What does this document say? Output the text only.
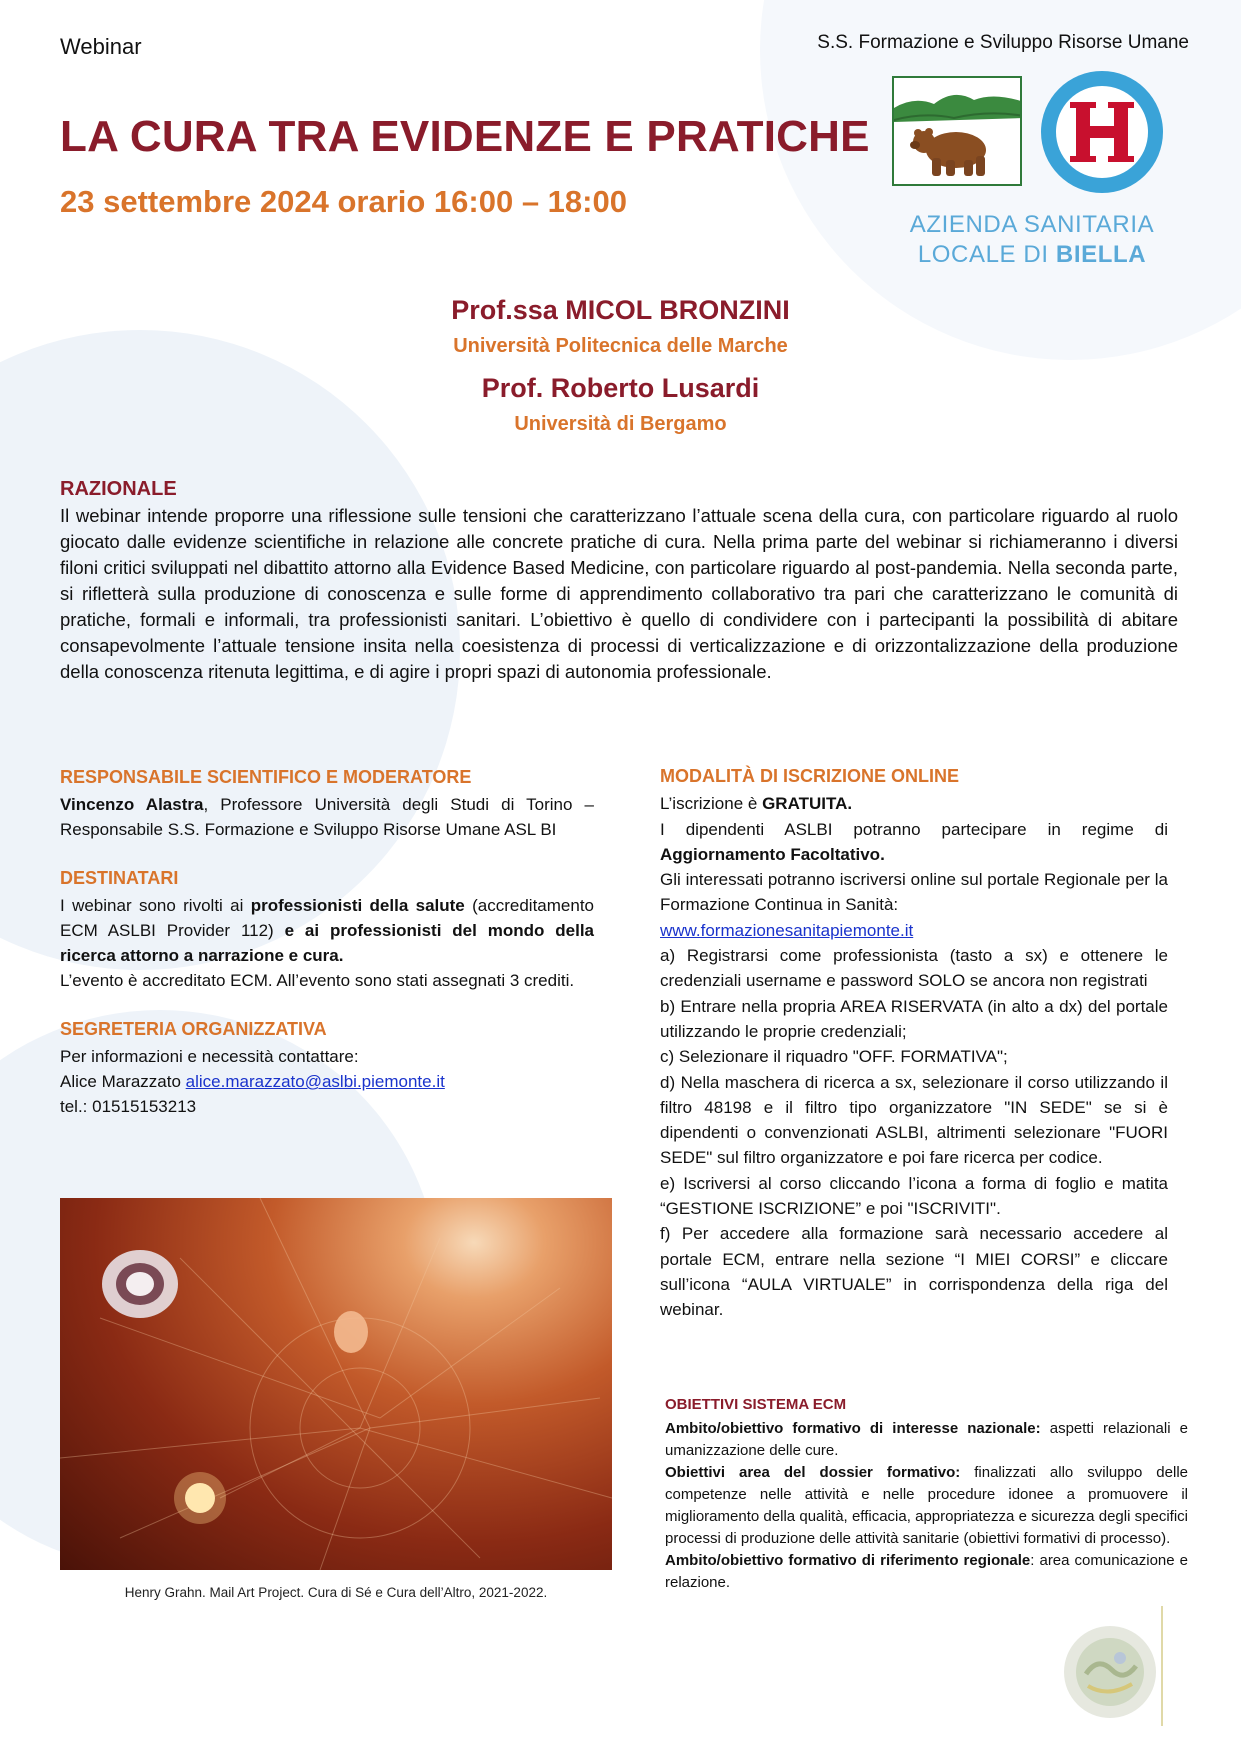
Webinar	S.S. Formazione e Sviluppo Risorse Umane
LA CURA TRA EVIDENZE E PRATICHE
23 settembre 2024 orario 16:00 – 18:00
AZIENDA SANITARIA
LOCALE DI BIELLA
Prof.ssa MICOL BRONZINI
Università Politecnica delle Marche
Prof. Roberto Lusardi
Università di Bergamo
RAZIONALE

Il webinar intende proporre una riflessione sulle tensioni che caratterizzano l’attuale scena della cura, con particolare riguardo al ruolo giocato dalle evidenze scientifiche in relazione alle concrete pratiche di cura. Nella prima parte del webinar si richiameranno i diversi filoni critici sviluppati nel dibattito attorno alla Evidence Based Medicine, con particolare riguardo al post-pandemia. Nella seconda parte, si rifletterà sulla produzione di conoscenza e sulle forme di apprendimento collaborativo tra pari che caratterizzano le comunità di pratiche, formali e informali, tra professionisti sanitari. L’obiettivo è quello di condividere con i partecipanti la possibilità di abitare consapevolmente l’attuale tensione insita nella coesistenza di processi di verticalizzazione e di orizzontalizzazione della produzione della conoscenza ritenuta legittima, e di agire i propri spazi di autonomia professionale.

RESPONSABILE SCIENTIFICO E MODERATORE

Vincenzo Alastra, Professore Università degli Studi di Torino – Responsabile S.S. Formazione e Sviluppo Risorse Umane ASL BI

DESTINATARI

I webinar sono rivolti ai professionisti della salute (accreditamento ECM ASLBI Provider 112) e ai professionisti del mondo della ricerca attorno a narrazione e cura.

L’evento è accreditato ECM. All’evento sono stati assegnati 3 crediti.

SEGRETERIA ORGANIZZATIVA

Per informazioni e necessità contattare:

Alice Marazzato alice.marazzato@aslbi.piemonte.it

tel.: 01515153213

Henry Grahn. Mail Art Project. Cura di Sé e Cura dell’Altro, 2021-2022.
MODALITÀ DI ISCRIZIONE ONLINE

L’iscrizione è GRATUITA.

I dipendenti ASLBI potranno partecipare in regime di Aggiornamento Facoltativo.

Gli interessati potranno iscriversi online sul portale Regionale per la Formazione Continua in Sanità:

www.formazionesanitapiemonte.it

a) Registrarsi come professionista (tasto a sx) e ottenere le credenziali username e password SOLO se ancora non registrati

b) Entrare nella propria AREA RISERVATA (in alto a dx) del portale utilizzando le proprie credenziali;

c) Selezionare il riquadro "OFF. FORMATIVA";

d) Nella maschera di ricerca a sx, selezionare il corso utilizzando il filtro 48198 e il filtro tipo organizzatore "IN SEDE" se si è dipendenti o convenzionati ASLBI, altrimenti selezionare "FUORI SEDE" sul filtro organizzatore e poi fare ricerca per codice.

e) Iscriversi al corso cliccando l’icona a forma di foglio e matita “GESTIONE ISCRIZIONE” e poi "ISCRIVITI".

f) Per accedere alla formazione sarà necessario accedere al portale ECM, entrare nella sezione “I MIEI CORSI” e cliccare sull’icona “AULA VIRTUALE” in corrispondenza della riga del webinar.

OBIETTIVI SISTEMA ECM

Ambito/obiettivo formativo di interesse nazionale: aspetti relazionali e umanizzazione delle cure.

Obiettivi area del dossier formativo: finalizzati allo sviluppo delle competenze nelle attività e nelle procedure idonee a promuovere il miglioramento della qualità, efficacia, appropriatezza e sicurezza degli specifici processi di produzione delle attività sanitarie (obiettivi formativi di processo).

Ambito/obiettivo formativo di riferimento regionale: area comunicazione e relazione.
